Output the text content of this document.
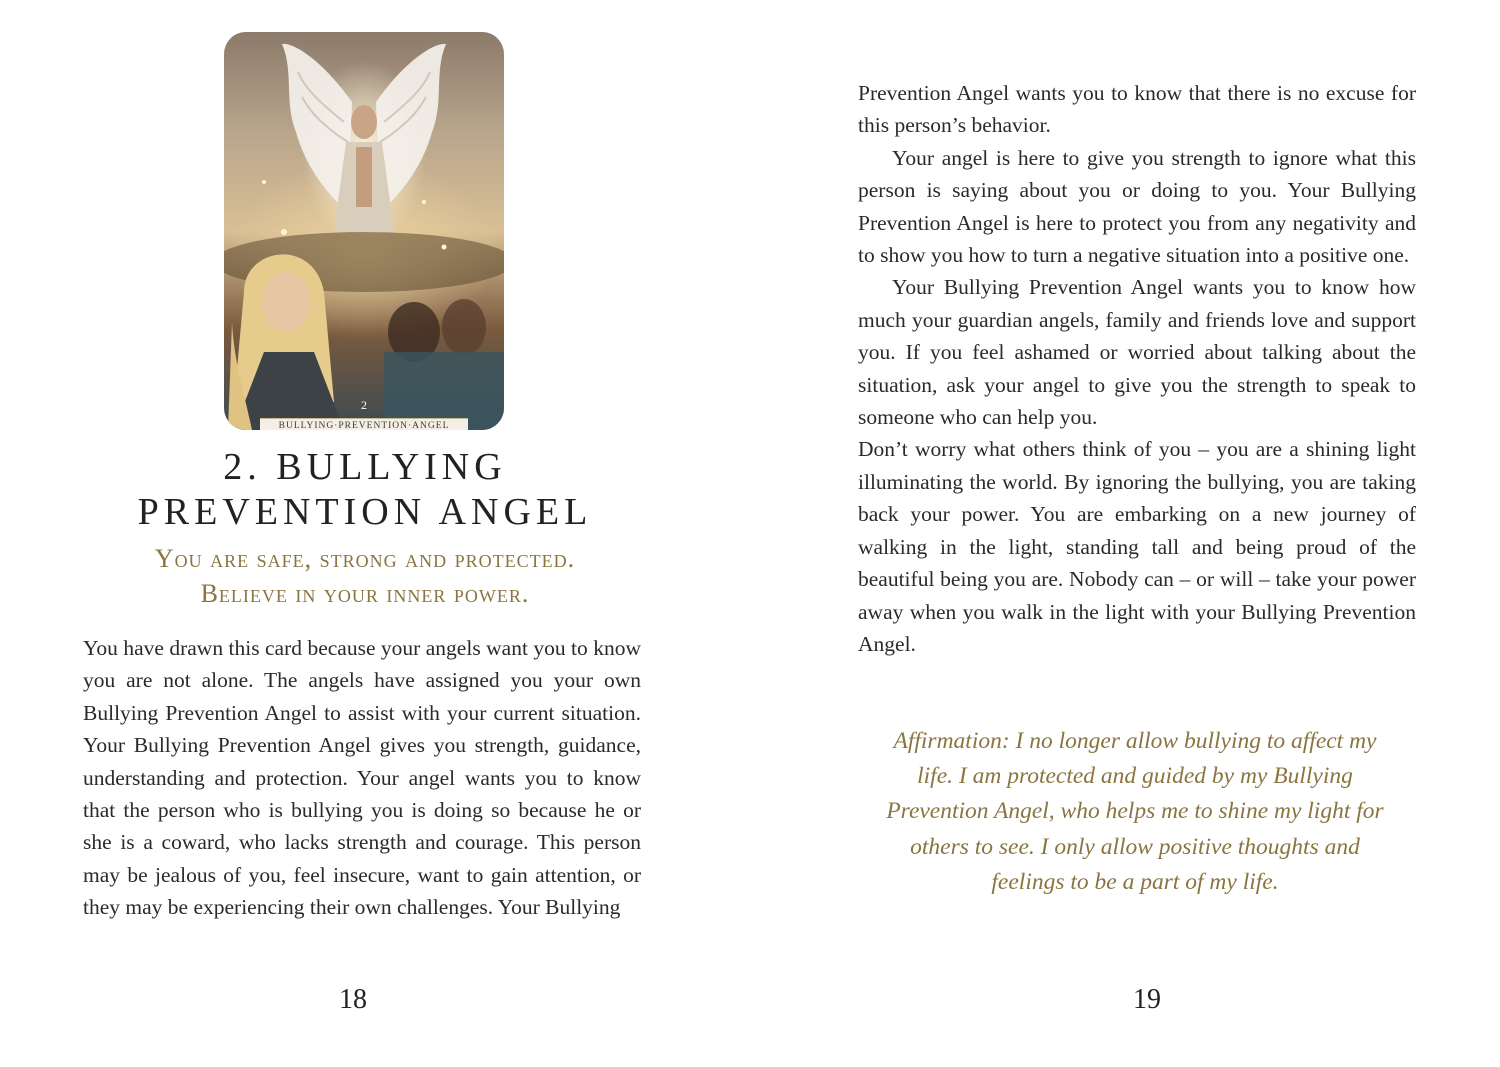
2
BULLYING·PREVENTION·ANGEL
2. BULLYING
PREVENTION ANGEL
You are safe, strong and protected.
Believe in your inner power.

You have drawn this card because your angels want you to know you are not alone. The angels have assigned you your own Bullying Prevention Angel to assist with your current situation. Your Bullying Prevention Angel gives you strength, guidance, understanding and protection. Your angel wants you to know that the person who is bullying you is doing so because he or she is a coward, who lacks strength and courage. This person may be jealous of you, feel insecure, want to gain attention, or they may be experiencing their own challenges. Your Bullying

18

Prevention Angel wants you to know that there is no excuse for this person’s behavior.

Your angel is here to give you strength to ignore what this person is saying about you or doing to you. Your Bullying Prevention Angel is here to protect you from any negativity and to show you how to turn a negative situation into a positive one.

Your Bullying Prevention Angel wants you to know how much your guardian angels, family and friends love and support you. If you feel ashamed or worried about talking about the situation, ask your angel to give you the strength to speak to someone who can help you.

Don’t worry what others think of you – you are a shining light illuminating the world. By ignoring the bullying, you are taking back your power. You are embarking on a new journey of walking in the light, standing tall and being proud of the beautiful being you are. Nobody can – or will – take your power away when you walk in the light with your Bullying Prevention Angel.

Affirmation: I no longer allow bullying to affect my life. I am protected and guided by my Bullying Prevention Angel, who helps me to shine my light for others to see. I only allow positive thoughts and feelings to be a part of my life.

19
